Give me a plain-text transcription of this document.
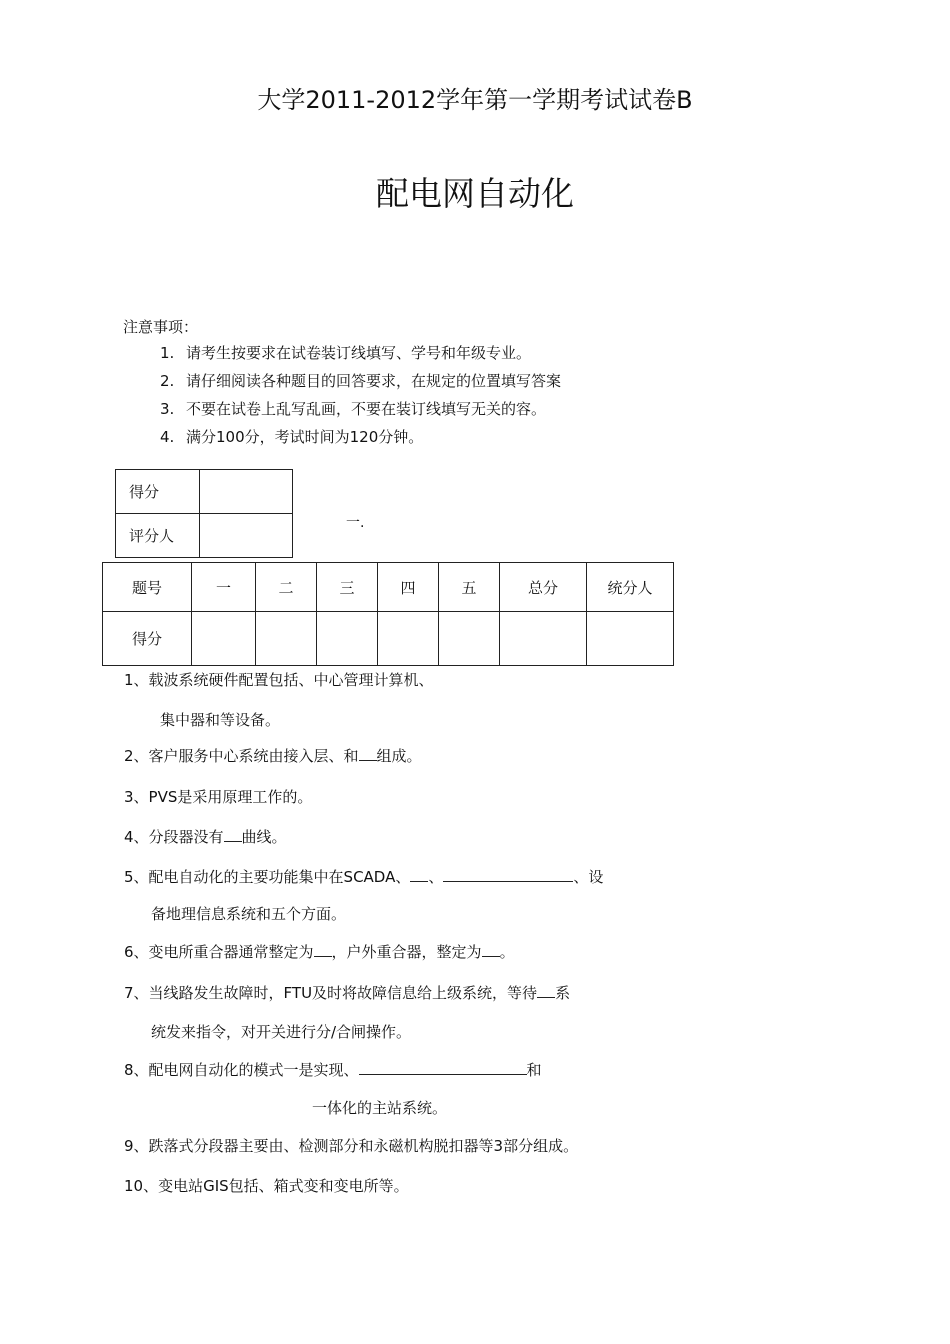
大学2011-2012学年第一学期考试试卷B
配电网自动化
注意事项：
1. 请考生按要求在试卷装订线填写、学号和年级专业。
2. 请仔细阅读各种题目的回答要求，在规定的位置填写答案
3. 不要在试卷上乱写乱画，不要在装订线填写无关的容。
4. 满分100分，考试时间为120分钟。
得分	
评分人	
一.
题号	一	二	三	四	五	总分	统分人
得分							
1、载波系统硬件配置包括、中心管理计算机、
集中器和等设备。
2、客户服务中心系统由接入层、和 组成。
3、PVS是采用原理工作的。
4、分段器没有 曲线。
5、配电自动化的主要功能集中在SCADA、 、	、设
备地理信息系统和五个方面。
6、变电所重合器通常整定为 ，户外重合器，整定为 。
7、当线路发生故障时，FTU及时将故障信息给上级系统，等待 系
统发来指令，对开关进行分/合闸操作。
8、配电网自动化的模式一是实现、	和
一体化的主站系统。
9、跌落式分段器主要由、检测部分和永磁机构脱扣器等3部分组成。
10、变电站GIS包括、箱式变和变电所等。
